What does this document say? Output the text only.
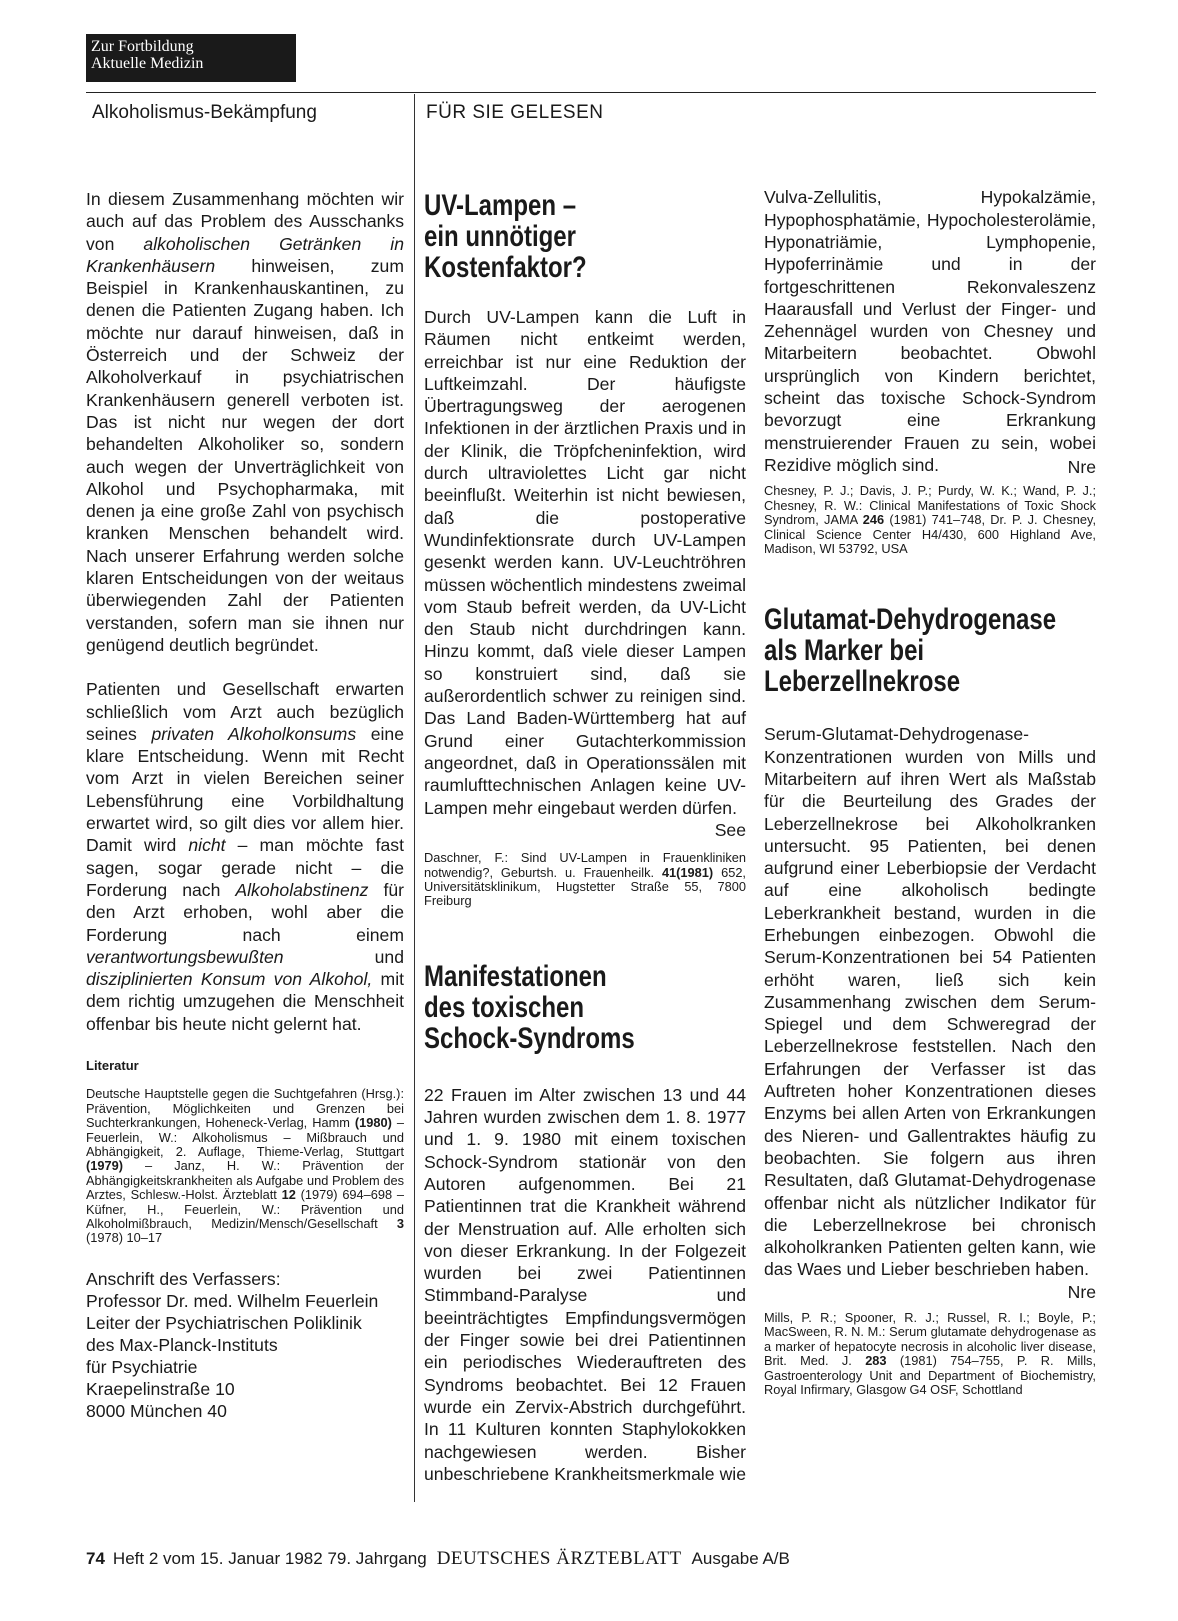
Zur Fortbildung
Aktuelle Medizin
Alkoholismus-Bekämpfung	FÜR SIE GELESEN

In diesem Zusammenhang möchten wir auch auf das Problem des Ausschanks von alkoholischen Getränken in Krankenhäusern hinweisen, zum Beispiel in Krankenhauskantinen, zu denen die Patienten Zugang haben. Ich möchte nur darauf hinweisen, daß in Österreich und der Schweiz der Alkoholverkauf in psychiatrischen Krankenhäusern generell verboten ist. Das ist nicht nur wegen der dort behandelten Alkoholiker so, sondern auch wegen der Unverträglichkeit von Alkohol und Psychopharmaka, mit denen ja eine große Zahl von psychisch kranken Menschen behandelt wird. Nach unserer Erfahrung werden solche klaren Entscheidungen von der weitaus überwiegenden Zahl der Patienten verstanden, sofern man sie ihnen nur genügend deutlich begründet.

Patienten und Gesellschaft erwarten schließlich vom Arzt auch bezüglich seines privaten Alkoholkonsums eine klare Entscheidung. Wenn mit Recht vom Arzt in vielen Bereichen seiner Lebensführung eine Vorbildhaltung erwartet wird, so gilt dies vor allem hier. Damit wird nicht – man möchte fast sagen, sogar gerade nicht – die Forderung nach Alkoholabstinenz für den Arzt erhoben, wohl aber die Forderung nach einem verantwortungsbewußten und disziplinierten Konsum von Alkohol, mit dem richtig umzugehen die Menschheit offenbar bis heute nicht gelernt hat.

Literatur

Deutsche Hauptstelle gegen die Suchtgefahren (Hrsg.): Prävention, Möglichkeiten und Grenzen bei Suchterkrankungen, Hoheneck-Verlag, Hamm (1980) – Feuerlein, W.: Alkoholismus – Mißbrauch und Abhängigkeit, 2. Auflage, Thieme-Verlag, Stuttgart (1979) – Janz, H. W.: Prävention der Abhängigkeitskrankheiten als Aufgabe und Problem des Arztes, Schlesw.-Holst. Ärzteblatt 12 (1979) 694–698 – Küfner, H., Feuerlein, W.: Prävention und Alkoholmißbrauch, Medizin/Mensch/Gesellschaft 3 (1978) 10–17

Anschrift des Verfassers:
Professor Dr. med. Wilhelm Feuerlein
Leiter der Psychiatrischen Poliklinik
des Max-Planck-Instituts
für Psychiatrie
Kraepelinstraße 10
8000 München 40
UV-Lampen –
ein unnötiger
Kostenfaktor?

Durch UV-Lampen kann die Luft in Räumen nicht entkeimt werden, erreichbar ist nur eine Reduktion der Luftkeimzahl. Der häufigste Übertragungsweg der aerogenen Infektionen in der ärztlichen Praxis und in der Klinik, die Tröpfcheninfektion, wird durch ultraviolettes Licht gar nicht beeinflußt. Weiterhin ist nicht bewiesen, daß die postoperative Wundinfektionsrate durch UV-Lampen gesenkt werden kann. UV-Leuchtröhren müssen wöchentlich mindestens zweimal vom Staub befreit werden, da UV-Licht den Staub nicht durchdringen kann. Hinzu kommt, daß viele dieser Lampen so konstruiert sind, daß sie außerordentlich schwer zu reinigen sind. Das Land Baden-Württemberg hat auf Grund einer Gutachterkommission angeordnet, daß in Operationssälen mit raumlufttechnischen Anlagen keine UV-Lampen mehr eingebaut werden dürfen.
See

Daschner, F.: Sind UV-Lampen in Frauenkliniken notwendig?, Geburtsh. u. Frauenheilk. 41(1981) 652, Universitätsklinikum, Hugstetter Straße 55, 7800 Freiburg

Manifestationen
des toxischen
Schock-Syndroms

22 Frauen im Alter zwischen 13 und 44 Jahren wurden zwischen dem 1. 8. 1977 und 1. 9. 1980 mit einem toxischen Schock-Syndrom stationär von den Autoren aufgenommen. Bei 21 Patientinnen trat die Krankheit während der Menstruation auf. Alle erholten sich von dieser Erkrankung. In der Folgezeit wurden bei zwei Patientinnen Stimmband-Paralyse und beeinträchtigtes Empfindungsvermögen der Finger sowie bei drei Patientinnen ein periodisches Wiederauftreten des Syndroms beobachtet. Bei 12 Frauen wurde ein Zervix-Abstrich durchgeführt. In 11 Kulturen konnten Staphylokokken nachgewiesen werden. Bisher unbeschriebene Krankheitsmerkmale wie

Vulva-Zellulitis, Hypokalzämie, Hypophosphatämie, Hypocholesterolämie, Hyponatriämie, Lymphopenie, Hypoferrinämie und in der fortgeschrittenen Rekonvaleszenz Haarausfall und Verlust der Finger- und Zehennägel wurden von Chesney und Mitarbeitern beobachtet. Obwohl ursprünglich von Kindern berichtet, scheint das toxische Schock-Syndrom bevorzugt eine Erkrankung menstruierender Frauen zu sein, wobei Rezidive möglich sind.	Nre

Chesney, P. J.; Davis, J. P.; Purdy, W. K.; Wand, P. J.; Chesney, R. W.: Clinical Manifestations of Toxic Shock Syndrom, JAMA 246 (1981) 741–748, Dr. P. J. Chesney, Clinical Science Center H4/430, 600 Highland Ave, Madison, WI 53792, USA

Glutamat-Dehydrogenase
als Marker bei
Leberzellnekrose

Serum-Glutamat-Dehydrogenase-Konzentrationen wurden von Mills und Mitarbeitern auf ihren Wert als Maßstab für die Beurteilung des Grades der Leberzellnekrose bei Alkoholkranken untersucht. 95 Patienten, bei denen aufgrund einer Leberbiopsie der Verdacht auf eine alkoholisch bedingte Leberkrankheit bestand, wurden in die Erhebungen einbezogen. Obwohl die Serum-Konzentrationen bei 54 Patienten erhöht waren, ließ sich kein Zusammenhang zwischen dem Serum-Spiegel und dem Schweregrad der Leberzellnekrose feststellen. Nach den Erfahrungen der Verfasser ist das Auftreten hoher Konzentrationen dieses Enzyms bei allen Arten von Erkrankungen des Nieren- und Gallentraktes häufig zu beobachten. Sie folgern aus ihren Resultaten, daß Glutamat-Dehydrogenase offenbar nicht als nützlicher Indikator für die Leberzellnekrose bei chronisch alkoholkranken Patienten gelten kann, wie das Waes und Lieber beschrieben haben.
Nre

Mills, P. R.; Spooner, R. J.; Russel, R. I.; Boyle, P.; MacSween, R. N. M.: Serum glutamate dehydrogenase as a marker of hepatocyte necrosis in alcoholic liver disease, Brit. Med. J. 283 (1981) 754–755, P. R. Mills, Gastroenterology Unit and Department of Biochemistry, Royal Infirmary, Glasgow G4 OSF, Schottland

74 Heft 2 vom 15. Januar 1982 79. Jahrgang DEUTSCHES ÄRZTEBLATT Ausgabe A/B
